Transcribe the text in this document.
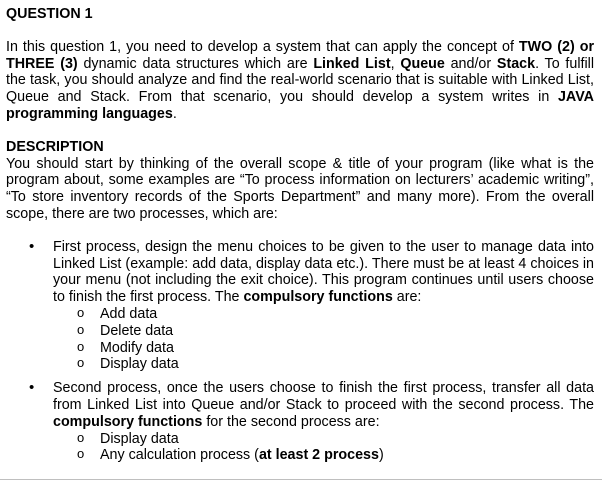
QUESTION 1

In this question 1, you need to develop a system that can apply the concept of TWO (2) or THREE (3) dynamic data structures which are Linked List, Queue and/or Stack. To fulfill the task, you should analyze and find the real-world scenario that is suitable with Linked List, Queue and Stack. From that scenario, you should develop a system writes in JAVA programming languages.

DESCRIPTION

You should start by thinking of the overall scope & title of your program (like what is the program about, some examples are “To process information on lecturers’ academic writing”, “To store inventory records of the Sports Department” and many more). From the overall scope, there are two processes, which are:

• First process, design the menu choices to be given to the user to manage data into Linked List (example: add data, display data etc.). There must be at least 4 choices in your menu (not including the exit choice). This program continues until users choose to finish the first process. The compulsory functions are:
o Add data
o Delete data
o Modify data
o Display data
• Second process, once the users choose to finish the first process, transfer all data from Linked List into Queue and/or Stack to proceed with the second process. The compulsory functions for the second process are:
o Display data
o Any calculation process (at least 2 process)
